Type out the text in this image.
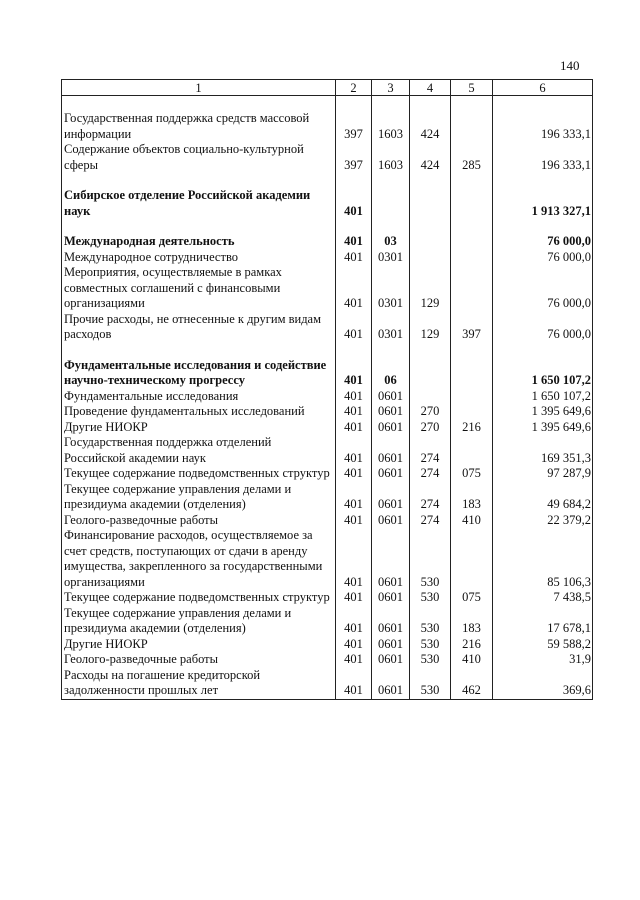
140
1	2	3	4	5	6

Государственная поддержка средств массовой информации	397	1603	424		196 333,1
Содержание объектов социально-культурной сферы	397	1603	424	285	196 333,1

Сибирское отделение Российской академии наук	401				1 913 327,1

Международная деятельность	401	03			76 000,0
Международное сотрудничество	401	0301			76 000,0
Мероприятия, осуществляемые в рамках совместных соглашений с финансовыми организациями	401	0301	129		76 000,0
Прочие расходы, не отнесенные к другим видам расходов	401	0301	129	397	76 000,0

Фундаментальные исследования и содействие научно-техническому прогрессу	401	06			1 650 107,2
Фундаментальные исследования	401	0601			1 650 107,2
Проведение фундаментальных исследований	401	0601	270		1 395 649,6
Другие НИОКР	401	0601	270	216	1 395 649,6
Государственная поддержка отделений Российской академии наук	401	0601	274		169 351,3
Текущее содержание подведомственных структур	401	0601	274	075	97 287,9
Текущее содержание управления делами и президиума академии (отделения)	401	0601	274	183	49 684,2
Геолого-разведочные работы	401	0601	274	410	22 379,2
Финансирование расходов, осуществляемое за счет средств, поступающих от сдачи в аренду имущества, закрепленного за государственными организациями	401	0601	530		85 106,3
Текущее содержание подведомственных структур	401	0601	530	075	7 438,5
Текущее содержание управления делами и президиума академии (отделения)	401	0601	530	183	17 678,1
Другие НИОКР	401	0601	530	216	59 588,2
Геолого-разведочные работы	401	0601	530	410	31,9
Расходы на погашение кредиторской задолженности прошлых лет	401	0601	530	462	369,6
